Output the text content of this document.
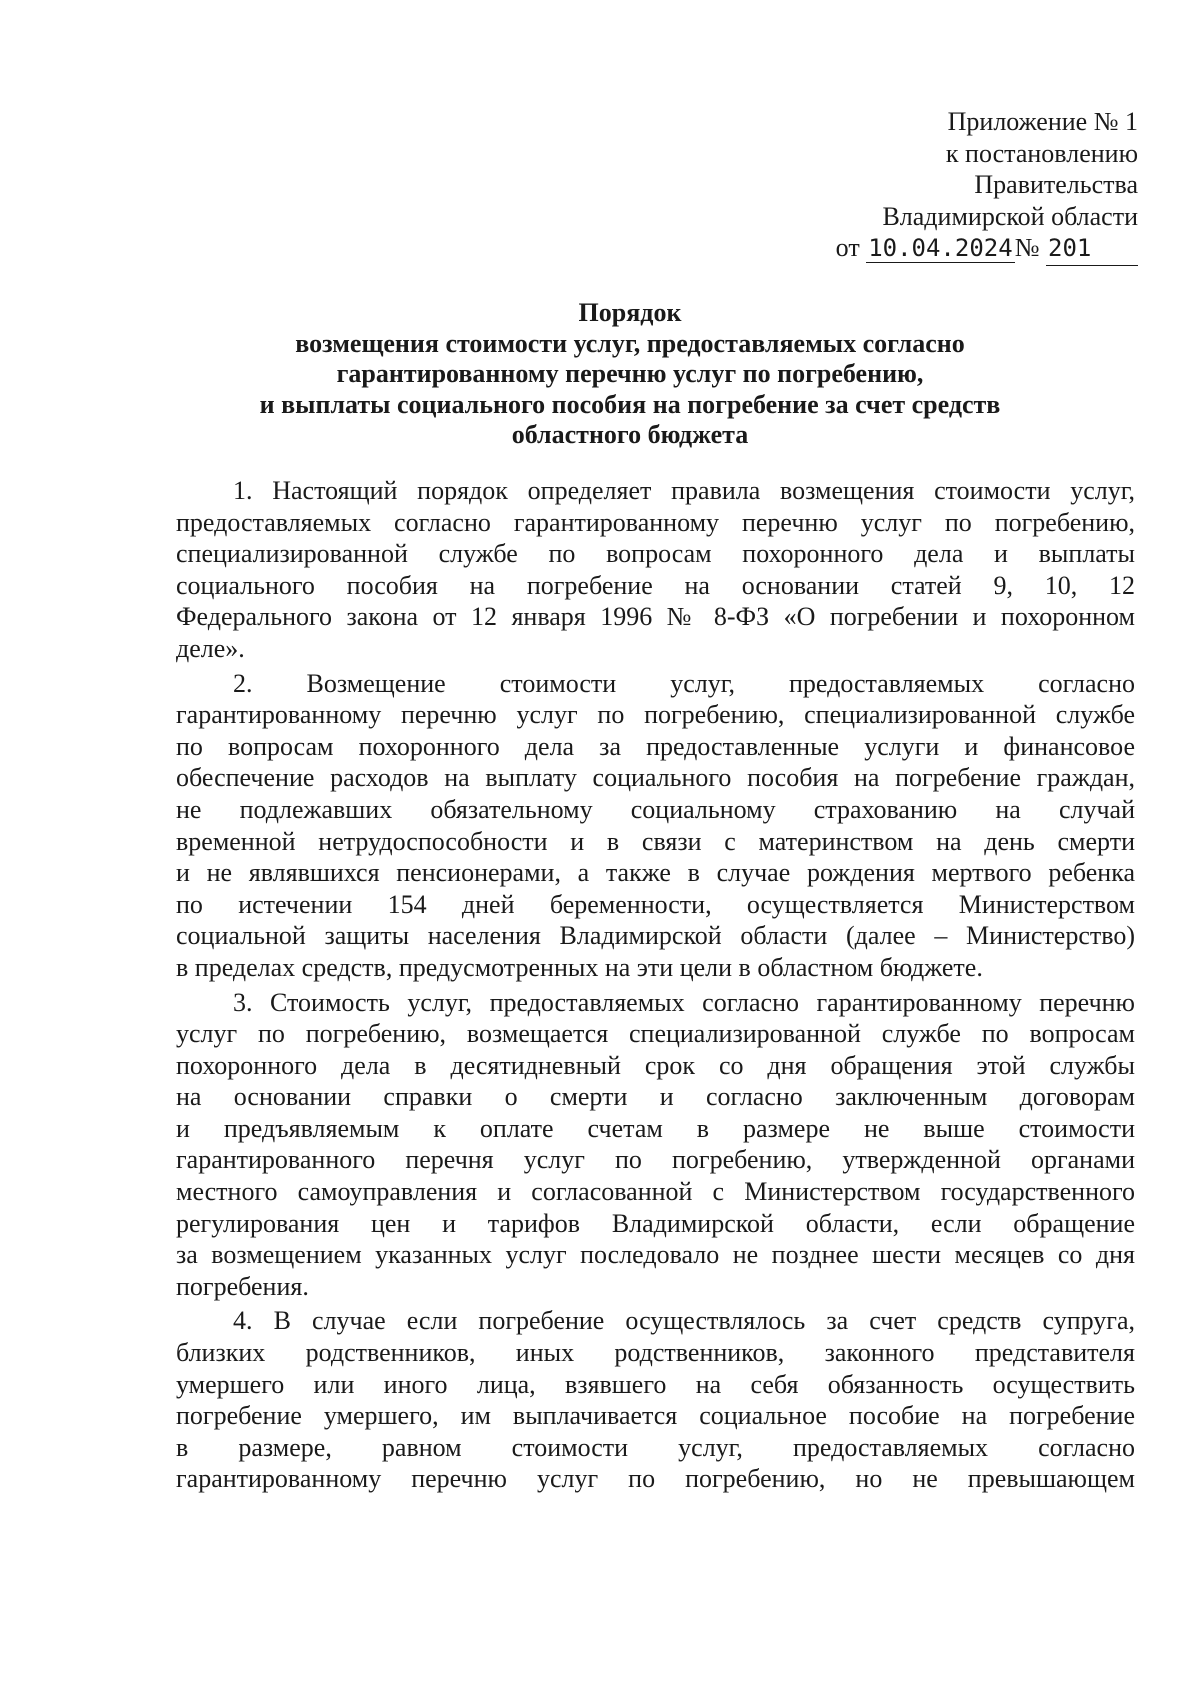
Приложение № 1
к постановлению
Правительства
Владимирской области
от 10.04.2024№ 201
Порядок
возмещения стоимости услуг, предоставляемых согласно
гарантированному перечню услуг по погребению,
и выплаты социального пособия на погребение за счет средств
областного бюджета
1. Настоящий порядок определяет правила возмещения стоимости услуг,
предоставляемых согласно гарантированному перечню услуг по погребению,
специализированной службе по вопросам похоронного дела и выплаты
социального пособия на погребение на основании статей 9, 10, 12
Федерального закона от 12 января 1996 № 8-ФЗ «О погребении и похоронном
деле».
2. Возмещение стоимости услуг, предоставляемых согласно
гарантированному перечню услуг по погребению, специализированной службе
по вопросам похоронного дела за предоставленные услуги и финансовое
обеспечение расходов на выплату социального пособия на погребение граждан,
не подлежавших обязательному социальному страхованию на случай
временной нетрудоспособности и в связи с материнством на день смерти
и не являвшихся пенсионерами, а также в случае рождения мертвого ребенка
по истечении 154 дней беременности, осуществляется Министерством
социальной защиты населения Владимирской области (далее – Министерство)
в пределах средств, предусмотренных на эти цели в областном бюджете.
3. Стоимость услуг, предоставляемых согласно гарантированному перечню
услуг по погребению, возмещается специализированной службе по вопросам
похоронного дела в десятидневный срок со дня обращения этой службы
на основании справки о смерти и согласно заключенным договорам
и предъявляемым к оплате счетам в размере не выше стоимости
гарантированного перечня услуг по погребению, утвержденной органами
местного самоуправления и согласованной с Министерством государственного
регулирования цен и тарифов Владимирской области, если обращение
за возмещением указанных услуг последовало не позднее шести месяцев со дня
погребения.
4. В случае если погребение осуществлялось за счет средств супруга,
близких родственников, иных родственников, законного представителя
умершего или иного лица, взявшего на себя обязанность осуществить
погребение умершего, им выплачивается социальное пособие на погребение
в размере, равном стоимости услуг, предоставляемых согласно
гарантированному перечню услуг по погребению, но не превышающем
